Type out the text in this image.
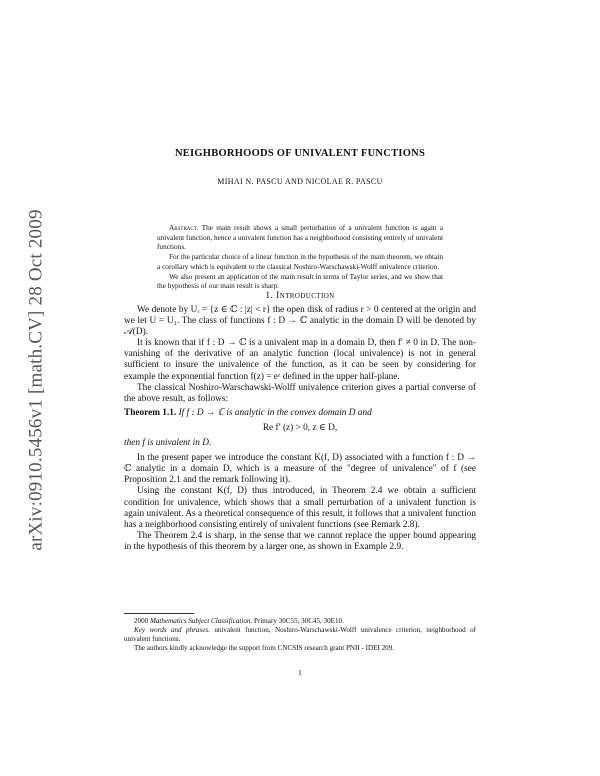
arXiv:0910.5456v1 [math.CV] 28 Oct 2009
NEIGHBORHOODS OF UNIVALENT FUNCTIONS
MIHAI N. PASCU AND NICOLAE R. PASCU

Abstract. The main result shows a small perturbation of a univalent function is again a univalent function, hence a univalent function has a neighborhood consisting entirely of univalent functions.

For the particular choice of a linear function in the hypothesis of the main theorem, we obtain a corollary which is equivalent to the classical Noshiro-Warschawski-Wolff univalence criterion.

We also present an application of the main result in terms of Taylor series, and we show that the hypothesis of our main result is sharp.

1. Introduction

We denote by Uᵣ = {z ∈ ℂ : |z| < r} the open disk of radius r > 0 centered at the origin and we let U = U₁. The class of functions f : D → ℂ analytic in the domain D will be denoted by 𝒜(D).

It is known that if f : D → ℂ is a univalent map in a domain D, then f′ ≠ 0 in D. The non-vanishing of the derivative of an analytic function (local univalence) is not in general sufficient to insure the univalence of the function, as it can be seen by considering for example the exponential function f(z) = eᶻ defined in the upper half-plane.

The classical Noshiro-Warschawski-Wolff univalence criterion gives a partial converse of the above result, as follows:

Theorem 1.1. If f : D → ℂ is analytic in the convex domain D and

Re f′ (z) > 0, z ∈ D,

then f is univalent in D.

In the present paper we introduce the constant K(f, D) associated with a function f : D → ℂ analytic in a domain D, which is a measure of the "degree of univalence" of f (see Proposition 2.1 and the remark following it).

Using the constant K(f, D) thus introduced, in Theorem 2.4 we obtain a sufficient condition for univalence, which shows that a small perturbation of a univalent function is again univalent. As a theoretical consequence of this result, it follows that a univalent function has a neighborhood consisting entirely of univalent functions (see Remark 2.8).

The Theorem 2.4 is sharp, in the sense that we cannot replace the upper bound appearing in the hypothesis of this theorem by a larger one, as shown in Example 2.9.

2000 Mathematics Subject Classification. Primary 30C55, 30C45, 30E10.

Key words and phrases. univalent function, Noshiro-Warschawski-Wolff univalence criterion, neighborhood of univalent functions.

The authors kindly acknowledge the support from CNCSIS research grant PNII - IDEI 209.

1
